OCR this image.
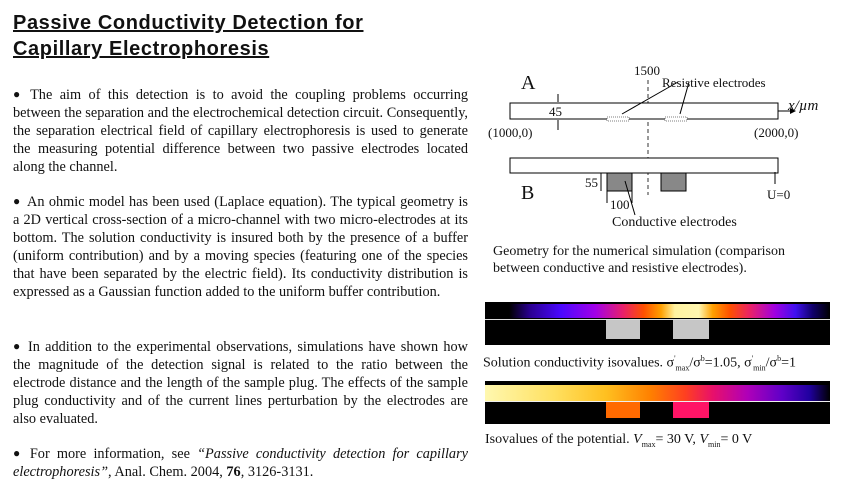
Passive Conductivity Detection for Capillary Electrophoresis
● The aim of this detection is to avoid the coupling problems occurring between the separation and the electrochemical detection circuit. Consequently, the separation electrical field of capillary electrophoresis is used to generate the measuring potential difference between two passive electrodes located along the channel.
● An ohmic model has been used (Laplace equation). The typical geometry is a 2D vertical cross-section of a micro-channel with two micro-electrodes at its bottom. The solution conductivity is insured both by the presence of a buffer (uniform contribution) and by a moving species (featuring one of the species that have been separated by the electric field). Its conductivity distribution is expressed as a Gaussian function added to the uniform buffer contribution.
● In addition to the experimental observations, simulations have shown how the magnitude of the detection signal is related to the ratio between the electrode distance and the length of the sample plug. The effects of the sample plug conductivity and of the current lines perturbation by the electrodes are also evaluated.
● For more information, see “Passive conductivity detection for capillary electrophoresis”, Anal. Chem. 2004, 76, 3126-3131.
A
B
1500
Resistive electrodes
45	x/µm
(1000,0)	(2000,0)
55
100
U=0
Conductive electrodes
Geometry for the numerical simulation (comparison between conductive and resistive electrodes).
Solution conductivity isovalues. $\sigma'_{max}/\sigma^b=1.05$, $\sigma'_{min}/\sigma^b=1$
Isovalues of the potential. $V_{max}= 30$ V, $V_{min}= 0$ V
